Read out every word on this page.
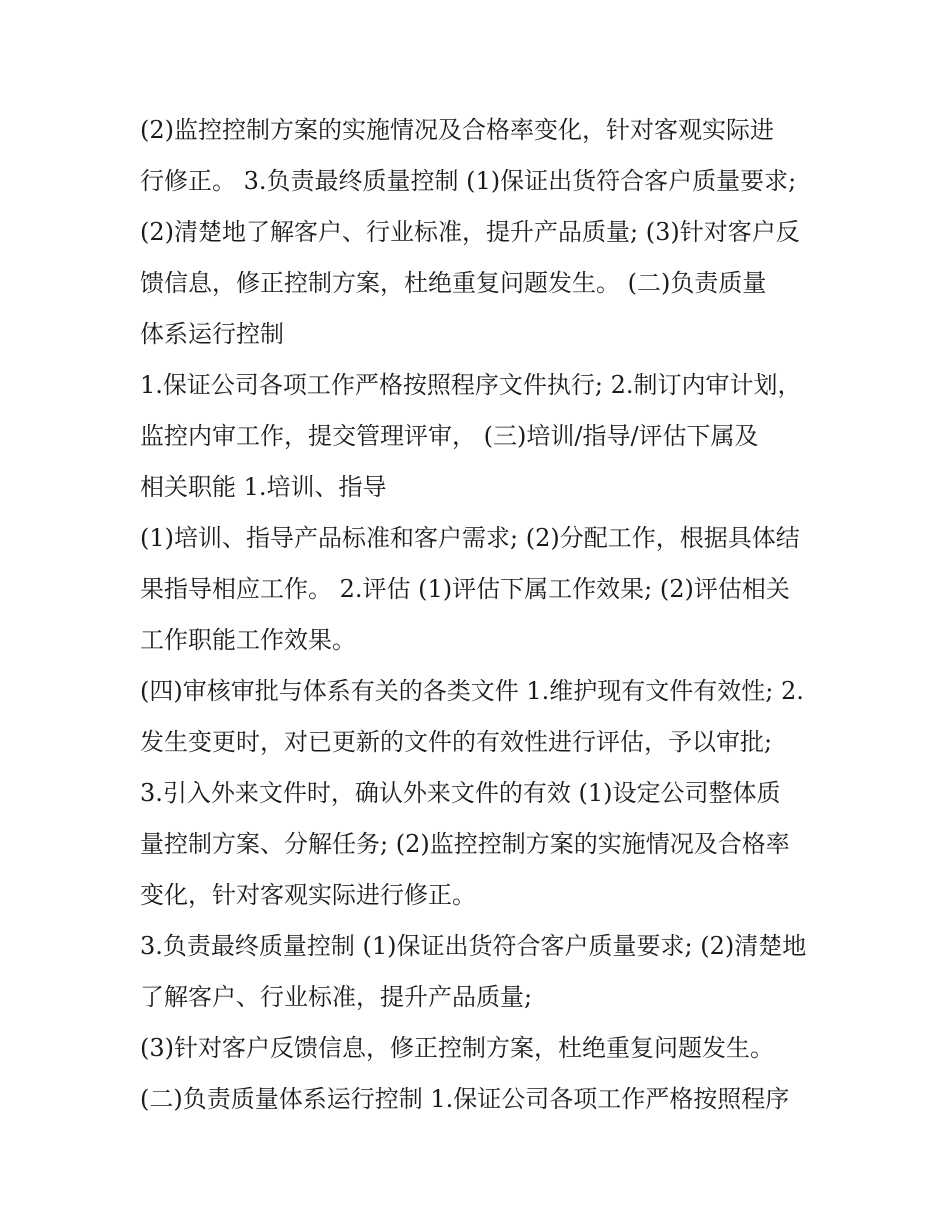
(2)监控控制方案的实施情况及合格率变化，针对客观实际进
行修正。 3.负责最终质量控制 (1)保证出货符合客户质量要求;
(2)清楚地了解客户、行业标准，提升产品质量; (3)针对客户反
馈信息，修正控制方案，杜绝重复问题发生。 (二)负责质量
体系运行控制
1.保证公司各项工作严格按照程序文件执行; 2.制订内审计划，
监控内审工作，提交管理评审， (三)培训/指导/评估下属及
相关职能 1.培训、指导
(1)培训、指导产品标准和客户需求; (2)分配工作，根据具体结
果指导相应工作。 2.评估 (1)评估下属工作效果; (2)评估相关
工作职能工作效果。
(四)审核审批与体系有关的各类文件 1.维护现有文件有效性; 2.
发生变更时，对已更新的文件的有效性进行评估，予以审批;
3.引入外来文件时，确认外来文件的有效 (1)设定公司整体质
量控制方案、分解任务; (2)监控控制方案的实施情况及合格率
变化，针对客观实际进行修正。
3.负责最终质量控制 (1)保证出货符合客户质量要求; (2)清楚地
了解客户、行业标准，提升产品质量;
(3)针对客户反馈信息，修正控制方案，杜绝重复问题发生。
(二)负责质量体系运行控制 1.保证公司各项工作严格按照程序
